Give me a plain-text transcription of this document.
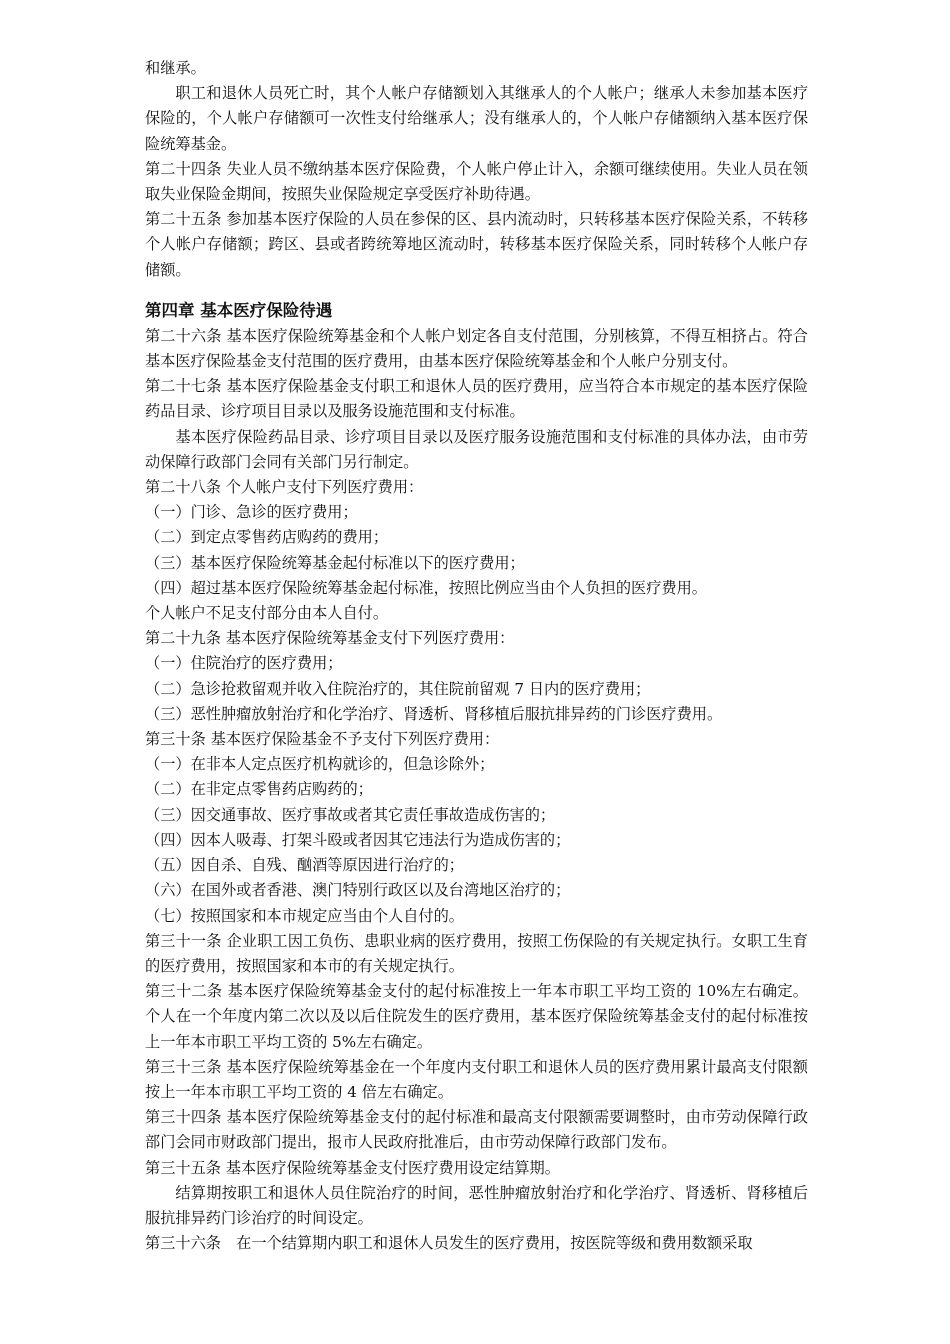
和继承。

职工和退休人员死亡时，其个人帐户存储额划入其继承人的个人帐户；继承人未参加基本医疗保险的，个人帐户存储额可一次性支付给继承人；没有继承人的，个人帐户存储额纳入基本医疗保险统筹基金。

第二十四条 失业人员不缴纳基本医疗保险费，个人帐户停止计入，余额可继续使用。失业人员在领取失业保险金期间，按照失业保险规定享受医疗补助待遇。

第二十五条 参加基本医疗保险的人员在参保的区、县内流动时，只转移基本医疗保险关系，不转移个人帐户存储额；跨区、县或者跨统筹地区流动时，转移基本医疗保险关系，同时转移个人帐户存储额。

第四章 基本医疗保险待遇

第二十六条 基本医疗保险统筹基金和个人帐户划定各自支付范围，分别核算，不得互相挤占。符合基本医疗保险基金支付范围的医疗费用，由基本医疗保险统筹基金和个人帐户分别支付。

第二十七条 基本医疗保险基金支付职工和退休人员的医疗费用，应当符合本市规定的基本医疗保险药品目录、诊疗项目目录以及服务设施范围和支付标准。

基本医疗保险药品目录、诊疗项目目录以及医疗服务设施范围和支付标准的具体办法，由市劳动保障行政部门会同有关部门另行制定。

第二十八条 个人帐户支付下列医疗费用：

（一）门诊、急诊的医疗费用；

（二）到定点零售药店购药的费用；

（三）基本医疗保险统筹基金起付标准以下的医疗费用；

（四）超过基本医疗保险统筹基金起付标准，按照比例应当由个人负担的医疗费用。

个人帐户不足支付部分由本人自付。

第二十九条 基本医疗保险统筹基金支付下列医疗费用：

（一）住院治疗的医疗费用；

（二）急诊抢救留观并收入住院治疗的，其住院前留观 7 日内的医疗费用；

（三）恶性肿瘤放射治疗和化学治疗、肾透析、肾移植后服抗排异药的门诊医疗费用。

第三十条 基本医疗保险基金不予支付下列医疗费用：

（一）在非本人定点医疗机构就诊的，但急诊除外；

（二）在非定点零售药店购药的；

（三）因交通事故、医疗事故或者其它责任事故造成伤害的；

（四）因本人吸毒、打架斗殴或者因其它违法行为造成伤害的；

（五）因自杀、自残、酗酒等原因进行治疗的；

（六）在国外或者香港、澳门特别行政区以及台湾地区治疗的；

（七）按照国家和本市规定应当由个人自付的。

第三十一条 企业职工因工负伤、患职业病的医疗费用，按照工伤保险的有关规定执行。女职工生育的医疗费用，按照国家和本市的有关规定执行。

第三十二条 基本医疗保险统筹基金支付的起付标准按上一年本市职工平均工资的 10%左右确定。个人在一个年度内第二次以及以后住院发生的医疗费用，基本医疗保险统筹基金支付的起付标准按上一年本市职工平均工资的 5%左右确定。

第三十三条 基本医疗保险统筹基金在一个年度内支付职工和退休人员的医疗费用累计最高支付限额按上一年本市职工平均工资的 4 倍左右确定。

第三十四条 基本医疗保险统筹基金支付的起付标准和最高支付限额需要调整时，由市劳动保障行政部门会同市财政部门提出，报市人民政府批准后，由市劳动保障行政部门发布。

第三十五条 基本医疗保险统筹基金支付医疗费用设定结算期。

结算期按职工和退休人员住院治疗的时间，恶性肿瘤放射治疗和化学治疗、肾透析、肾移植后服抗排异药门诊治疗的时间设定。

第三十六条　在一个结算期内职工和退休人员发生的医疗费用，按医院等级和费用数额采取
